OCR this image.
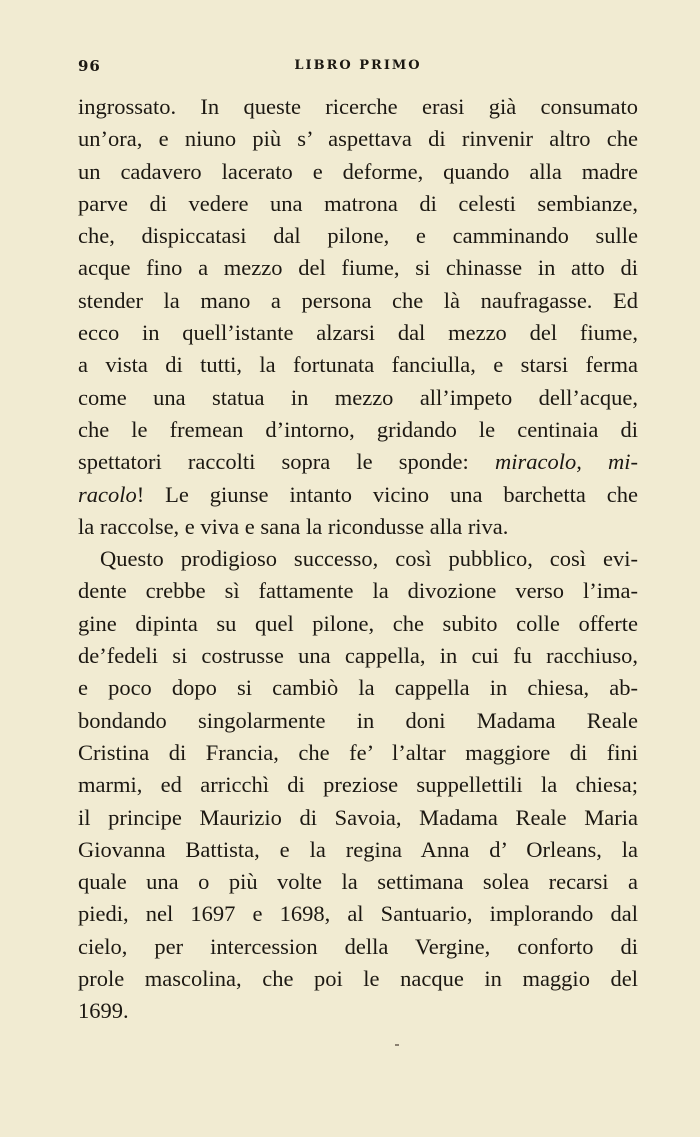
96	LIBRO PRIMO
ingrossato. In queste ricerche erasi già consumato
un’ora, e niuno più s’ aspettava di rinvenir altro che
un cadavero lacerato e deforme, quando alla madre
parve di vedere una matrona di celesti sembianze,
che, dispiccatasi dal pilone, e camminando sulle
acque fino a mezzo del fiume, si chinasse in atto di
stender la mano a persona che là naufragasse. Ed
ecco in quell’istante alzarsi dal mezzo del fiume,
a vista di tutti, la fortunata fanciulla, e starsi ferma
come una statua in mezzo all’impeto dell’acque,
che le fremean d’intorno, gridando le centinaia di
spettatori raccolti sopra le sponde: miracolo, mi-
racolo! Le giunse intanto vicino una barchetta che
la raccolse, e viva e sana la ricondusse alla riva.
Questo prodigioso successo, così pubblico, così evi-
dente crebbe sì fattamente la divozione verso l’ima-
gine dipinta su quel pilone, che subito colle offerte
de’fedeli si costrusse una cappella, in cui fu racchiuso,
e poco dopo si cambiò la cappella in chiesa, ab-
bondando singolarmente in doni Madama Reale
Cristina di Francia, che fe’ l’altar maggiore di fini
marmi, ed arricchì di preziose suppellettili la chiesa;
il principe Maurizio di Savoia, Madama Reale Maria
Giovanna Battista, e la regina Anna d’ Orleans, la
quale una o più volte la settimana solea recarsi a
piedi, nel 1697 e 1698, al Santuario, implorando dal
cielo, per intercession della Vergine, conforto di
prole mascolina, che poi le nacque in maggio del
1699.
